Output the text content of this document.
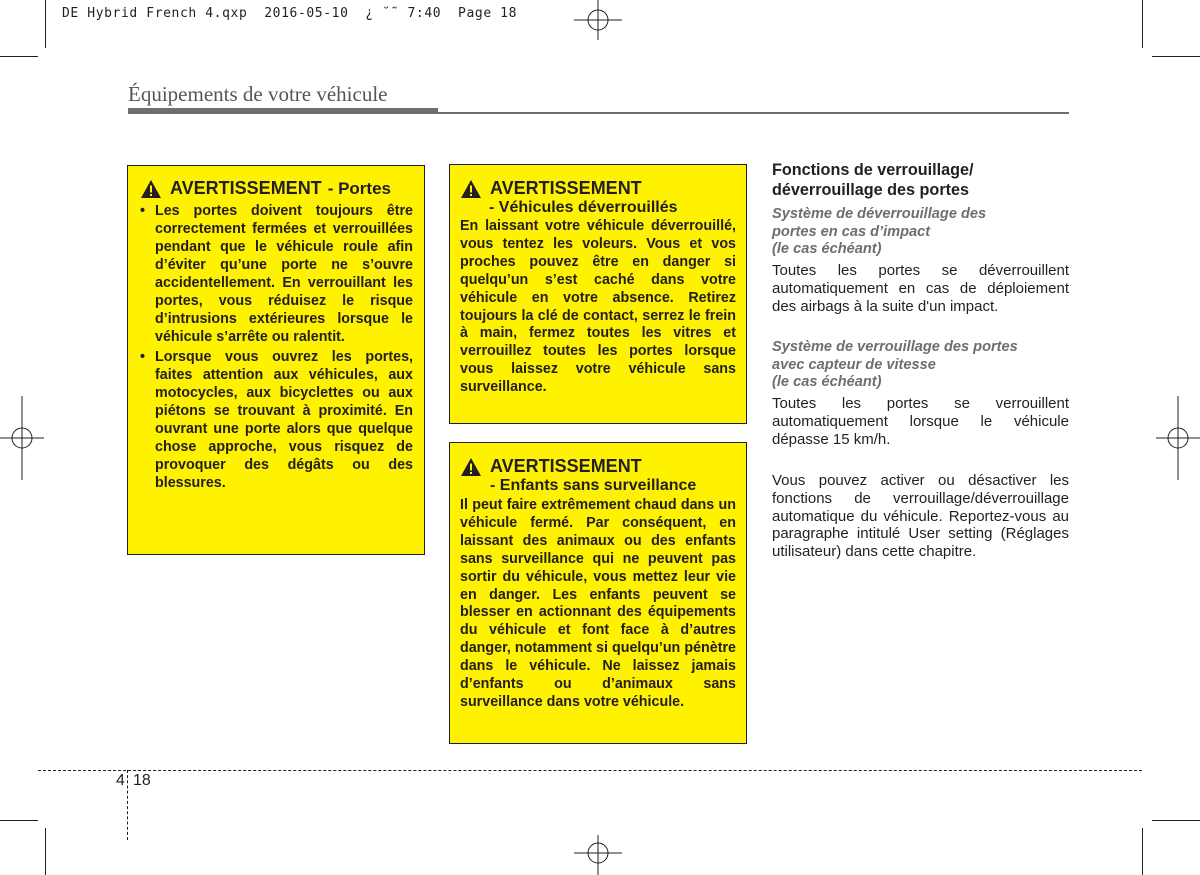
DE Hybrid French 4.qxp  2016-05-10  ¿ ˘˜ 7:40  Page 18
Équipements de votre véhicule
AVERTISSEMENT - Portes
• Les portes doivent toujours être correctement fermées et verrouillées pendant que le véhicule roule afin d’éviter qu’une porte ne s’ouvre accidentellement. En verrouillant les portes, vous réduisez le risque d’intrusions extérieures lorsque le véhicule s’arrête ou ralentit.
• Lorsque vous ouvrez les portes, faites attention aux véhicules, aux motocycles, aux bicyclettes ou aux piétons se trouvant à proximité. En ouvrant une porte alors que quelque chose approche, vous risquez de provoquer des dégâts ou des blessures.
AVERTISSEMENT
- Véhicules déverrouillés
En laissant votre véhicule déverrouillé, vous tentez les voleurs. Vous et vos proches pouvez être en danger si quelqu’un s’est caché dans votre véhicule en votre absence. Retirez toujours la clé de contact, serrez le frein à main, fermez toutes les vitres et verrouillez toutes les portes lorsque vous laissez votre véhicule sans surveillance.
AVERTISSEMENT
- Enfants sans surveillance
Il peut faire extrêmement chaud dans un véhicule fermé. Par conséquent, en laissant des animaux ou des enfants sans surveillance qui ne peuvent pas sortir du véhicule, vous mettez leur vie en danger. Les enfants peuvent se blesser en actionnant des équipements du véhicule et font face à d’autres danger, notamment si quelqu’un pénètre dans le véhicule. Ne laissez jamais d’enfants ou d’animaux sans surveillance dans votre véhicule.
Fonctions de verrouillage/
déverrouillage des portes
Système de déverrouillage des
portes en cas d’impact
(le cas échéant)
Toutes les portes se déverrouillent automatiquement en cas de déploiement des airbags à la suite d'un impact.
Système de verrouillage des portes
avec capteur de vitesse
(le cas échéant)
Toutes les portes se verrouillent automatiquement lorsque le véhicule dépasse 15 km/h.
Vous pouvez activer ou désactiver les fonctions de verrouillage/déverrouillage automatique du véhicule. Reportez-vous au paragraphe intitulé User setting (Réglages utilisateur) dans cette chapitre.
4 18
